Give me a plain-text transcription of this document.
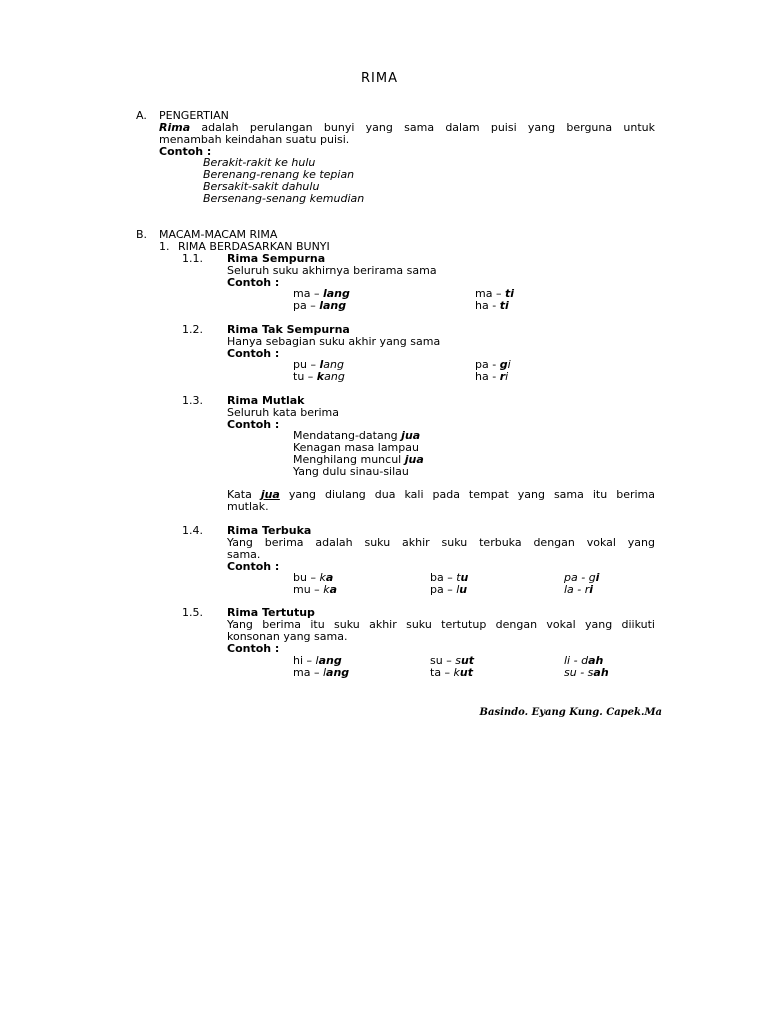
RIMA
A. PENGERTIAN
Rima adalah perulangan bunyi yang sama dalam puisi yang berguna untuk
menambah keindahan suatu puisi.
Contoh :
Berakit-rakit ke hulu
Berenang-renang ke tepian
Bersakit-sakit dahulu
Bersenang-senang kemudian
B. MACAM-MACAM RIMA
1. RIMA BERDASARKAN BUNYI
1.1. Rima Sempurna
Seluruh suku akhirnya berirama sama
Contoh :
ma – lang	ma – ti
pa – lang	ha - ti
1.2. Rima Tak Sempurna
Hanya sebagian suku akhir yang sama
Contoh :
pu – lang	pa - gi
tu – kang	ha - ri
1.3. Rima Mutlak
Seluruh kata berima
Contoh :
Mendatang-datang jua
Kenagan masa lampau
Menghilang muncul jua
Yang dulu sinau-silau
Kata jua yang diulang dua kali pada tempat yang sama itu berima
mutlak.
1.4. Rima Terbuka
Yang berima adalah suku akhir suku terbuka dengan vokal yang
sama.
Contoh :
bu – ka	ba – tu	pa - gi
mu – ka	pa – lu	la - ri
1.5. Rima Tertutup
Yang berima itu suku akhir suku tertutup dengan vokal yang diikuti
konsonan yang sama.
Contoh :
hi – lang	su – sut	li - dah
ma – lang	ta – kut	su - sah
Basindo. Eyang Kung. Capek.Ma
